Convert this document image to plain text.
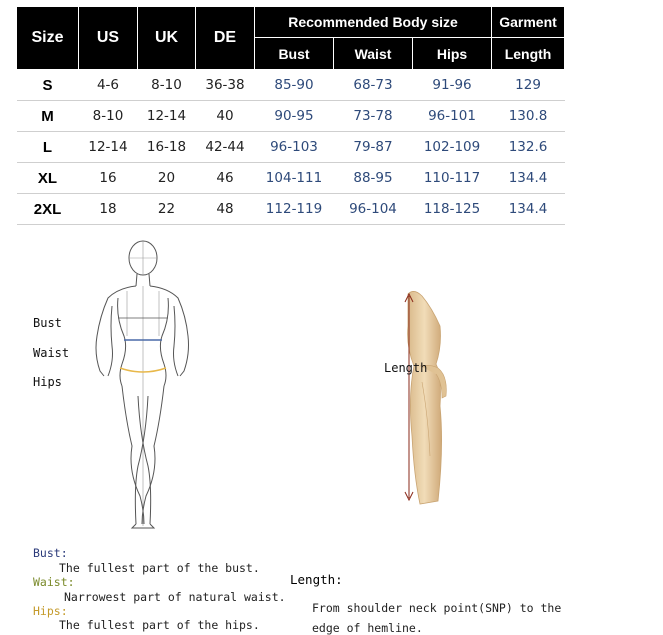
Size	US	UK	DE	Recommended Body size			Garment
				Bust	Waist	Hips	Length
S	4-6	8-10	36-38	85-90	68-73	91-96	129
M	8-10	12-14	40	90-95	73-78	96-101	130.8
L	12-14	16-18	42-44	96-103	79-87	102-109	132.6
XL	16	20	46	104-111	88-95	110-117	134.4
2XL	18	22	48	112-119	96-104	118-125	134.4
Bust
Waist
Hips
Length
Bust:
The fullest part of the bust.
Waist:
Narrowest part of natural waist.
Hips:
The fullest part of the hips.
Length:
From shoulder neck point(SNP) to the
edge of hemline.
